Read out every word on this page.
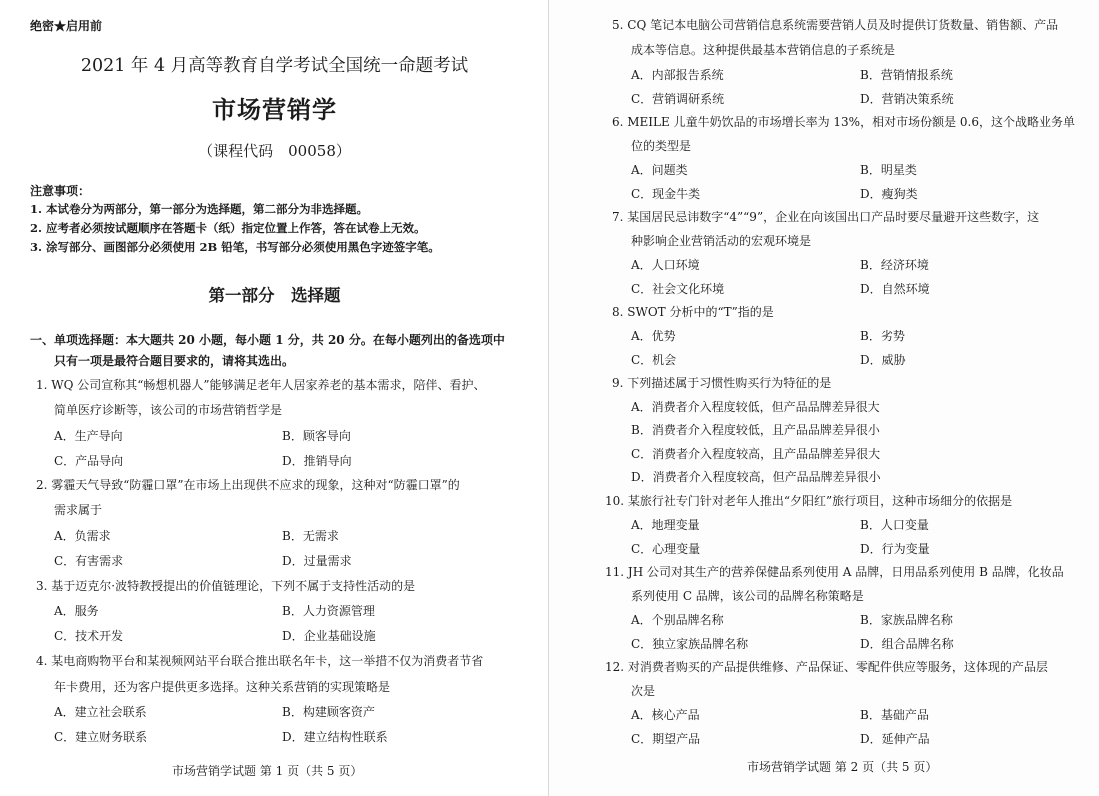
绝密★启用前
2021 年 4 月高等教育自学考试全国统一命题考试
市场营销学
（课程代码　00058）
注意事项：
1. 本试卷分为两部分，第一部分为选择题，第二部分为非选择题。
2. 应考者必须按试题顺序在答题卡（纸）指定位置上作答，答在试卷上无效。
3. 涂写部分、画图部分必须使用 2B 铅笔，书写部分必须使用黑色字迹签字笔。
第一部分　选择题
一、单项选择题：本大题共 20 小题，每小题 1 分，共 20 分。在每小题列出的备选项中
只有一项是最符合题目要求的，请将其选出。
1. WQ 公司宣称其“畅想机器人”能够满足老年人居家养老的基本需求，陪伴、看护、
简单医疗诊断等，该公司的市场营销哲学是
A．生产导向	B．顾客导向
C．产品导向	D．推销导向
2. 雾霾天气导致“防霾口罩”在市场上出现供不应求的现象，这种对“防霾口罩”的
需求属于
A．负需求	B．无需求
C．有害需求	D．过量需求
3. 基于迈克尔·波特教授提出的价值链理论，下列不属于支持性活动的是
A．服务	B．人力资源管理
C．技术开发	D．企业基础设施
4. 某电商购物平台和某视频网站平台联合推出联名年卡，这一举措不仅为消费者节省
年卡费用，还为客户提供更多选择。这种关系营销的实现策略是
A．建立社会联系	B．构建顾客资产
C．建立财务联系	D．建立结构性联系
市场营销学试题 第 1 页（共 5 页）
5. CQ 笔记本电脑公司营销信息系统需要营销人员及时提供订货数量、销售额、产品
成本等信息。这种提供最基本营销信息的子系统是
A．内部报告系统	B．营销情报系统
C．营销调研系统	D．营销决策系统
6. MEILE 儿童牛奶饮品的市场增长率为 13%，相对市场份额是 0.6，这个战略业务单
位的类型是
A．问题类	B．明星类
C．现金牛类	D．瘦狗类
7. 某国居民忌讳数字“4”“9”，企业在向该国出口产品时要尽量避开这些数字，这
种影响企业营销活动的宏观环境是
A．人口环境	B．经济环境
C．社会文化环境	D．自然环境
8. SWOT 分析中的“T”指的是
A．优势	B．劣势
C．机会	D．威胁
9. 下列描述属于习惯性购买行为特征的是
A．消费者介入程度较低，但产品品牌差异很大
B．消费者介入程度较低，且产品品牌差异很小
C．消费者介入程度较高，且产品品牌差异很大
D．消费者介入程度较高，但产品品牌差异很小
10. 某旅行社专门针对老年人推出“夕阳红”旅行项目，这种市场细分的依据是
A．地理变量	B．人口变量
C．心理变量	D．行为变量
11. JH 公司对其生产的营养保健品系列使用 A 品牌，日用品系列使用 B 品牌，化妆品
系列使用 C 品牌，该公司的品牌名称策略是
A．个别品牌名称	B．家族品牌名称
C．独立家族品牌名称	D．组合品牌名称
12. 对消费者购买的产品提供维修、产品保证、零配件供应等服务，这体现的产品层
次是
A．核心产品	B．基础产品
C．期望产品	D．延伸产品
市场营销学试题 第 2 页（共 5 页）
